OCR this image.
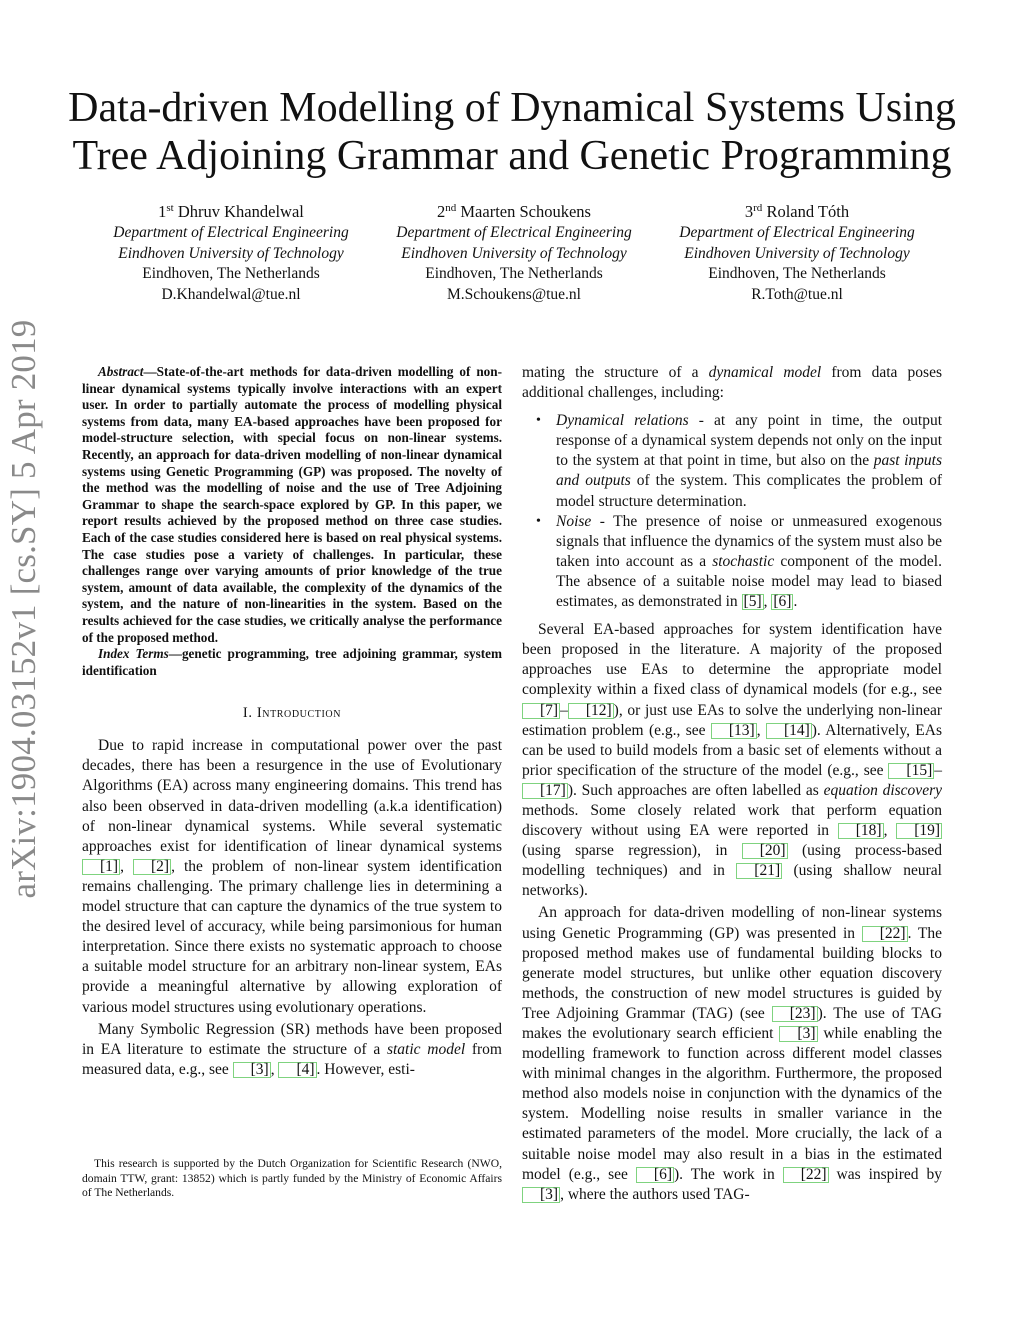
arXiv:1904.03152v1 [cs.SY] 5 Apr 2019
Data-driven Modelling of Dynamical Systems Using
Tree Adjoining Grammar and Genetic Programming
1st Dhruv Khandelwal
Department of Electrical Engineering
Eindhoven University of Technology
Eindhoven, The Netherlands
D.Khandelwal@tue.nl
2nd Maarten Schoukens
Department of Electrical Engineering
Eindhoven University of Technology
Eindhoven, The Netherlands
M.Schoukens@tue.nl
3rd Roland Tóth
Department of Electrical Engineering
Eindhoven University of Technology
Eindhoven, The Netherlands
R.Toth@tue.nl

Abstract—State-of-the-art methods for data-driven modelling of non-linear dynamical systems typically involve interactions with an expert user. In order to partially automate the process of modelling physical systems from data, many EA-based approaches have been proposed for model-structure selection, with special focus on non-linear systems. Recently, an approach for data-driven modelling of non-linear dynamical systems using Genetic Programming (GP) was proposed. The novelty of the method was the modelling of noise and the use of Tree Adjoining Grammar to shape the search-space explored by GP. In this paper, we report results achieved by the proposed method on three case studies. Each of the case studies considered here is based on real physical systems. The case studies pose a variety of challenges. In particular, these challenges range over varying amounts of prior knowledge of the true system, amount of data available, the complexity of the dynamics of the system, and the nature of non-linearities in the system. Based on the results achieved for the case studies, we critically analyse the performance of the proposed method.

Index Terms—genetic programming, tree adjoining grammar, system identification

I. Introduction

Due to rapid increase in computational power over the past decades, there has been a resurgence in the use of Evolutionary Algorithms (EA) across many engineering domains. This trend has also been observed in data-driven modelling (a.k.a identification) of non-linear dynamical systems. While several systematic approaches exist for identification of linear dynamical systems [1] , [2] , the problem of non-linear system identification remains challenging. The primary challenge lies in determining a model structure that can capture the dynamics of the true system to the desired level of accuracy, while being parsimonious for human interpretation. Since there exists no systematic approach to choose a suitable model structure for an arbitrary non-linear system, EAs provide a meaningful alternative by allowing exploration of various model structures using evolutionary operations.

Many Symbolic Regression (SR) methods have been proposed in EA literature to estimate the structure of a static model from measured data, e.g., see [3] , [4] . However, esti-

This research is supported by the Dutch Organization for Scientific Research (NWO, domain TTW, grant: 13852) which is partly funded by the Ministry of Economic Affairs of The Netherlands.

mating the structure of a dynamical model from data poses additional challenges, including:

• Dynamical relations - at any point in time, the output response of a dynamical system depends not only on the input to the system at that point in time, but also on the past inputs and outputs of the system. This complicates the problem of model structure determination.
• Noise - The presence of noise or unmeasured exogenous signals that influence the dynamics of the system must also be taken into account as a stochastic component of the model. The absence of a suitable noise model may lead to biased estimates, as demonstrated in [5] , [6] .

Several EA-based approaches for system identification have been proposed in the literature. A majority of the proposed approaches use EAs to determine the appropriate model complexity within a fixed class of dynamical models (for e.g., see [7] – [12] ), or just use EAs to solve the underlying non-linear estimation problem (e.g., see [13] , [14] ). Alternatively, EAs can be used to build models from a basic set of elements without a prior specification of the structure of the model (e.g., see [15] –[17] ). Such approaches are often labelled as equation discovery methods. Some closely related work that perform equation discovery without using EA were reported in [18] , [19] (using sparse regression), in [20] (using process-based modelling techniques) and in [21] (using shallow neural networks).

An approach for data-driven modelling of non-linear systems using Genetic Programming (GP) was presented in [22] . The proposed method makes use of fundamental building blocks to generate model structures, but unlike other equation discovery methods, the construction of new model structures is guided by Tree Adjoining Grammar (TAG) (see [23] ). The use of TAG makes the evolutionary search efficient [3] while enabling the modelling framework to function across different model classes with minimal changes in the algorithm. Furthermore, the proposed method also models noise in conjunction with the dynamics of the system. Modelling noise results in smaller variance in the estimated parameters of the model. More crucially, the lack of a suitable noise model may also result in a bias in the estimated model (e.g., see [6] ). The work in [22] was inspired by [3] , where the authors used TAG-
